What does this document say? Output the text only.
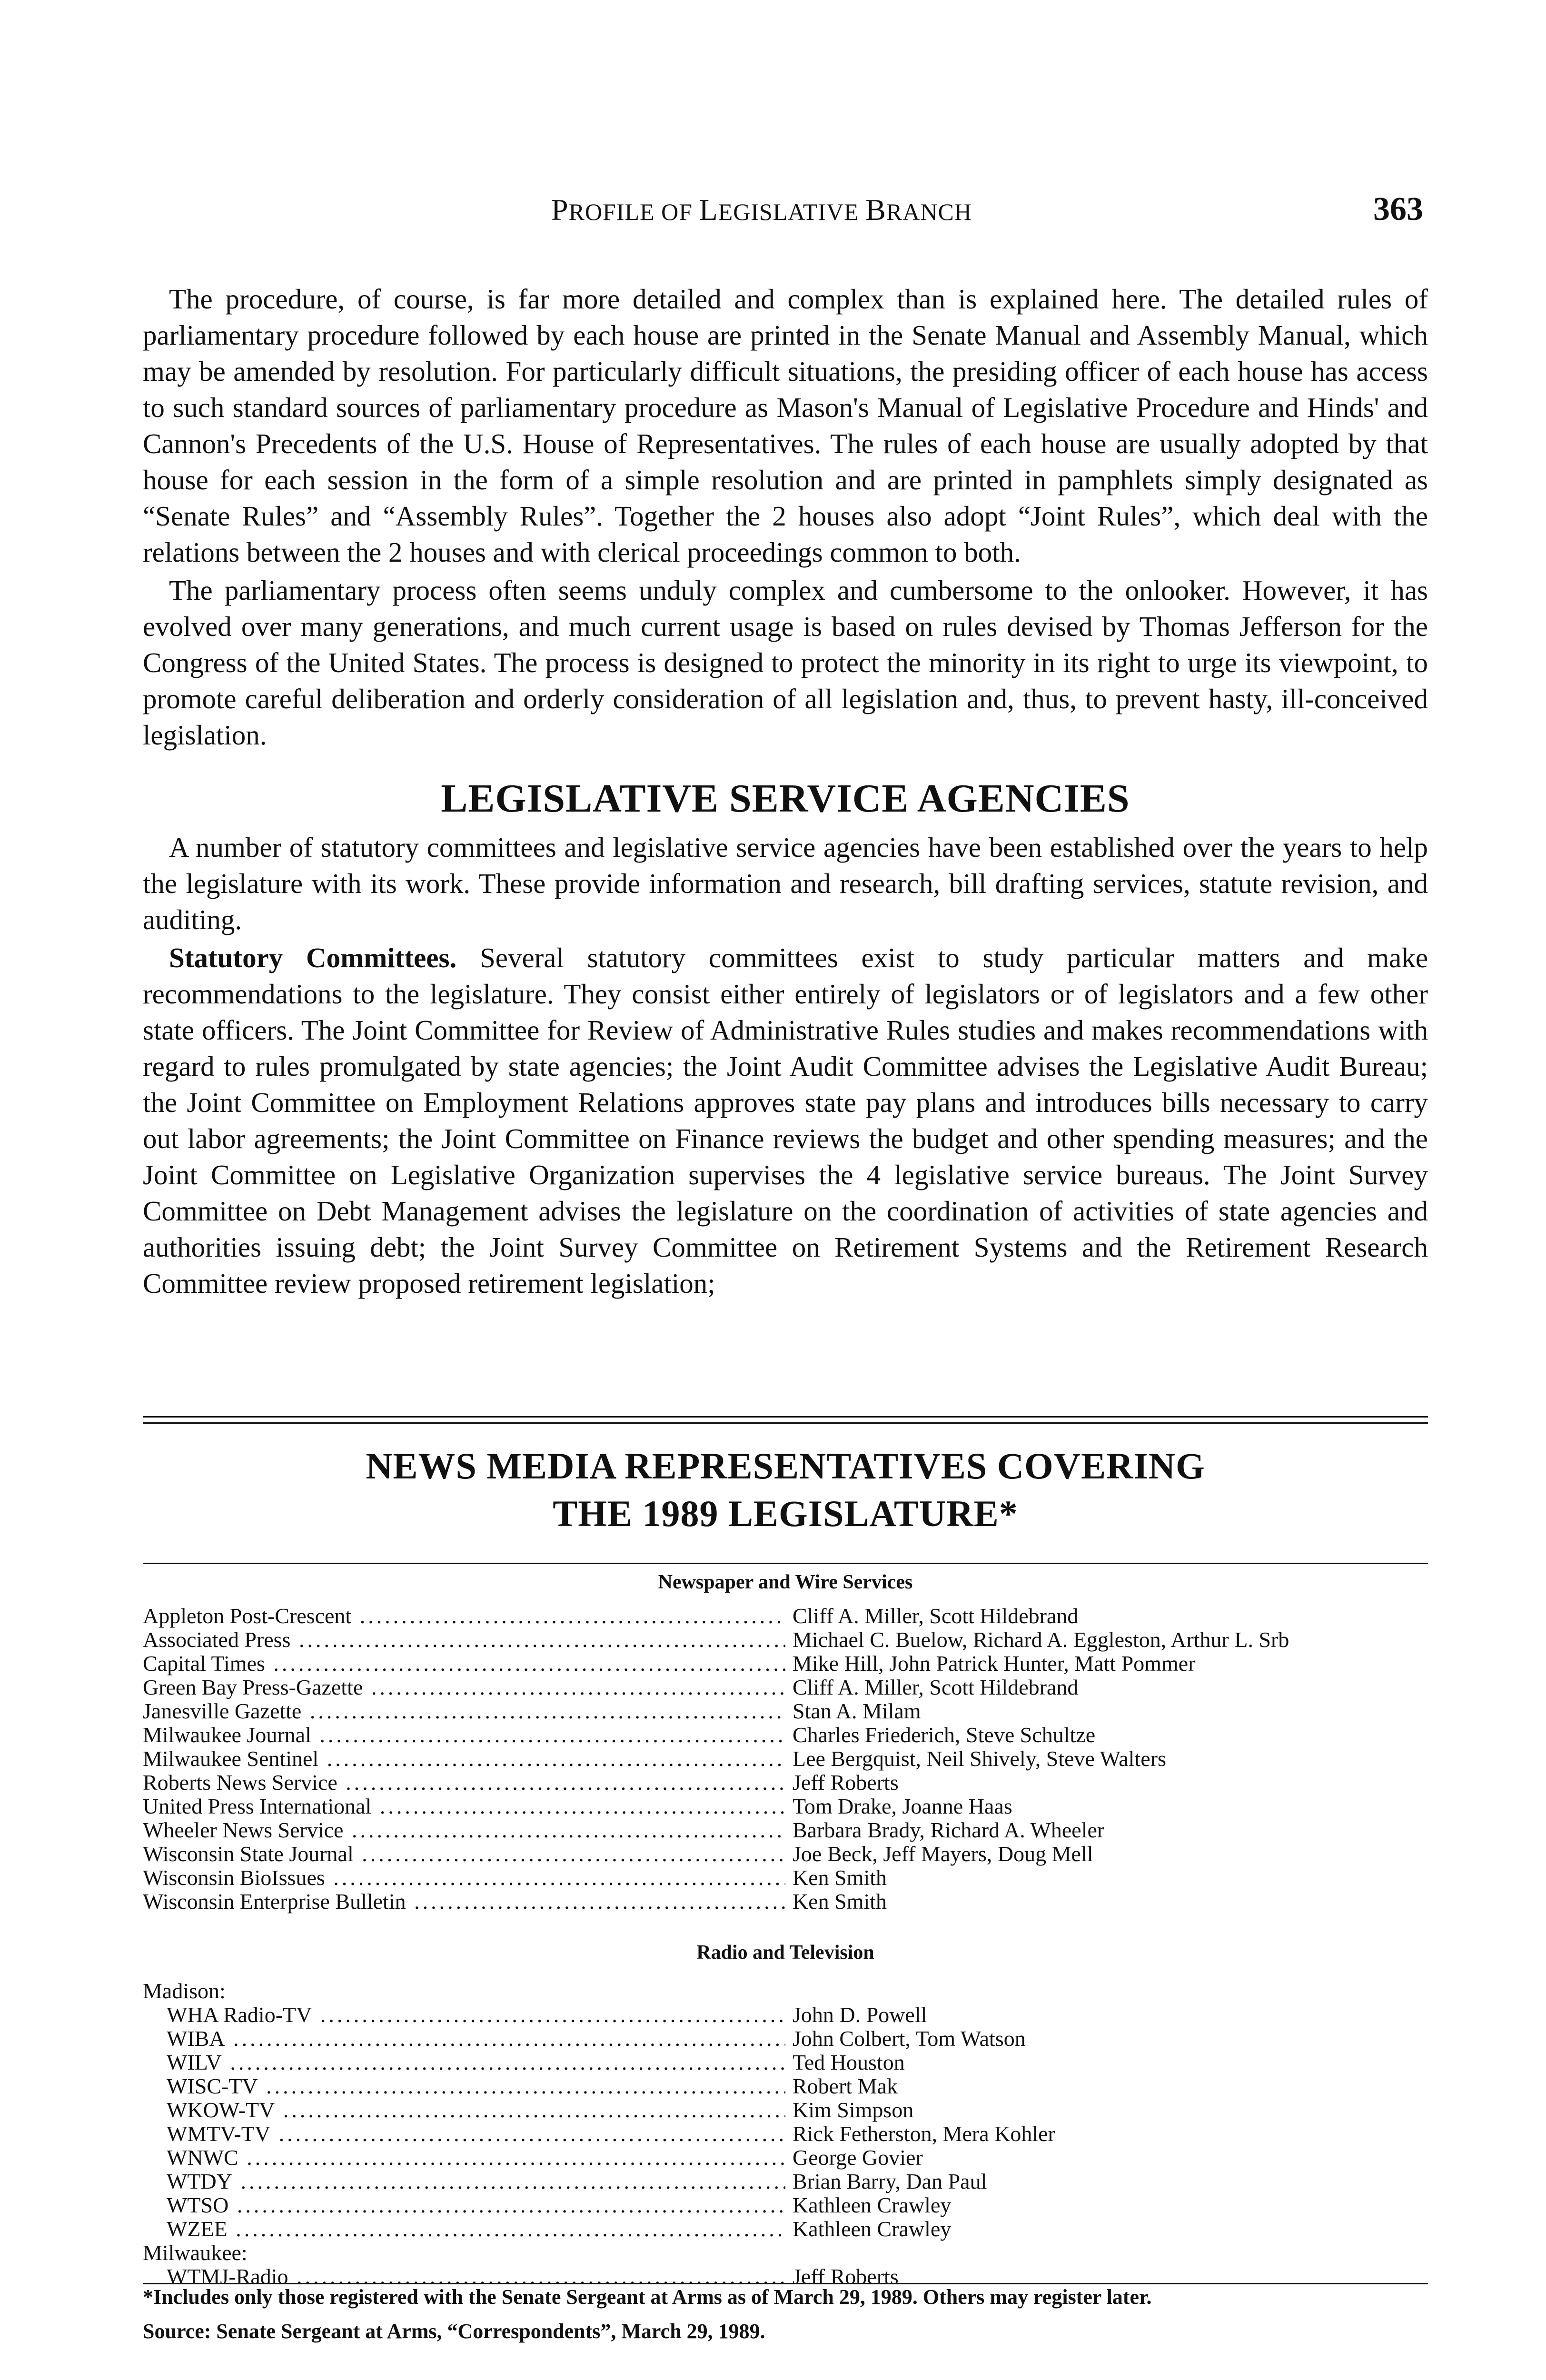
PROFILE OF LEGISLATIVE BRANCH	363

The procedure, of course, is far more detailed and complex than is explained here. The detailed rules of parliamentary procedure followed by each house are printed in the Senate Manual and Assembly Manual, which may be amended by resolution. For particularly difficult situations, the presiding officer of each house has access to such standard sources of parliamentary procedure as Mason's Manual of Legislative Procedure and Hinds' and Cannon's Precedents of the U.S. House of Representatives. The rules of each house are usually adopted by that house for each session in the form of a simple resolution and are printed in pamphlets simply designated as “Senate Rules” and “Assembly Rules”. Together the 2 houses also adopt “Joint Rules”, which deal with the relations between the 2 houses and with clerical proceedings common to both.

The parliamentary process often seems unduly complex and cumbersome to the onlooker. However, it has evolved over many generations, and much current usage is based on rules devised by Thomas Jefferson for the Congress of the United States. The process is designed to protect the minority in its right to urge its viewpoint, to promote careful deliberation and orderly consideration of all legislation and, thus, to prevent hasty, ill-conceived legislation.

LEGISLATIVE SERVICE AGENCIES

A number of statutory committees and legislative service agencies have been established over the years to help the legislature with its work. These provide information and research, bill drafting services, statute revision, and auditing.

Statutory Committees. Several statutory committees exist to study particular matters and make recommendations to the legislature. They consist either entirely of legislators or of legislators and a few other state officers. The Joint Committee for Review of Administrative Rules studies and makes recommendations with regard to rules promulgated by state agencies; the Joint Audit Committee advises the Legislative Audit Bureau; the Joint Committee on Employment Relations approves state pay plans and introduces bills necessary to carry out labor agreements; the Joint Committee on Finance reviews the budget and other spending measures; and the Joint Committee on Legislative Organization supervises the 4 legislative service bureaus. The Joint Survey Committee on Debt Management advises the legislature on the coordination of activities of state agencies and authorities issuing debt; the Joint Survey Committee on Retirement Systems and the Retirement Research Committee review proposed retirement legislation;

NEWS MEDIA REPRESENTATIVES COVERING
THE 1989 LEGISLATURE*
Newspaper and Wire Services
Appleton Post-Crescent .....	Cliff A. Miller, Scott Hildebrand
Associated Press .....	Michael C. Buelow, Richard A. Eggleston, Arthur L. Srb
Capital Times .....	Mike Hill, John Patrick Hunter, Matt Pommer
Green Bay Press-Gazette .....	Cliff A. Miller, Scott Hildebrand
Janesville Gazette .....	Stan A. Milam
Milwaukee Journal .....	Charles Friederich, Steve Schultze
Milwaukee Sentinel .....	Lee Bergquist, Neil Shively, Steve Walters
Roberts News Service .....	Jeff Roberts
United Press International .....	Tom Drake, Joanne Haas
Wheeler News Service .....	Barbara Brady, Richard A. Wheeler
Wisconsin State Journal .....	Joe Beck, Jeff Mayers, Doug Mell
Wisconsin BioIssues .....	Ken Smith
Wisconsin Enterprise Bulletin .....	Ken Smith
Radio and Television
Madison:
WHA Radio-TV .....	John D. Powell
WIBA .....	John Colbert, Tom Watson
WILV .....	Ted Houston
WISC-TV .....	Robert Mak
WKOW-TV .....	Kim Simpson
WMTV-TV .....	Rick Fetherston, Mera Kohler
WNWC .....	George Govier
WTDY .....	Brian Barry, Dan Paul
WTSO .....	Kathleen Crawley
WZEE .....	Kathleen Crawley
Milwaukee:
WTMJ-Radio .....	Jeff Roberts
*Includes only those registered with the Senate Sergeant at Arms as of March 29, 1989. Others may register later.
Source: Senate Sergeant at Arms, “Correspondents”, March 29, 1989.
